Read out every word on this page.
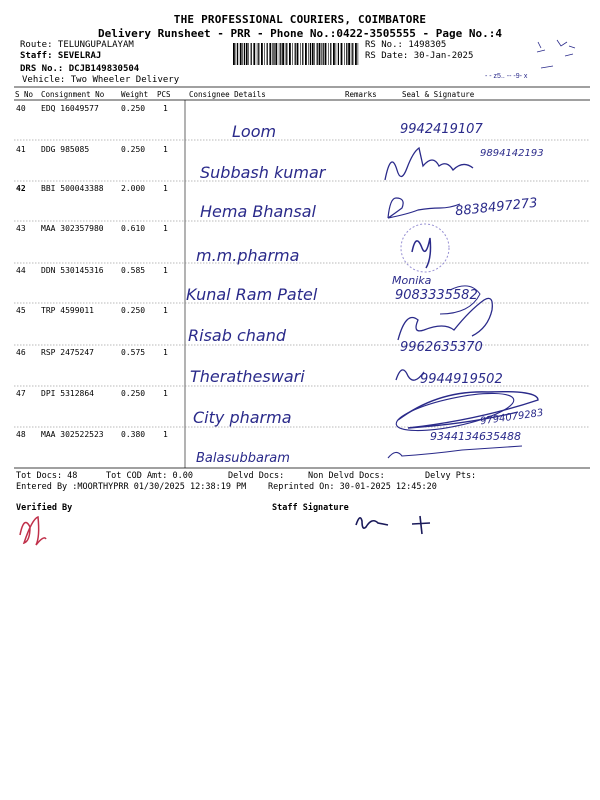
THE PROFESSIONAL COURIERS, COIMBATORE
Delivery Runsheet - PRR - Phone No.:0422-3505555 - Page No.:4
Route: TELUNGUPALAYAM
Staff: SEVELRAJ
DRS No.: DCJB149830504
Vehicle: Two Wheeler Delivery
RS No.: 1498305
RS Date: 30-Jan-2025
- - z5.. -- -9- x
S No Consignment No Weight PCS Consignee Details	Remarks	Seal & Signature
40 EDQ 16049577	0.250 1
Loom	9942419107
41 DDG 985085	0.250 1
Subbash kumar
9894142193
42 BBI 500043388 2.000 1
Hema Bhansal	8838497273
43 MAA 302357980 0.610 1
m.m.pharma
44 DDN 530145316 0.585 1
Kunal Ram Patel
Monika
9083335582
45 TRP 4599011	0.250 1
Risab chand
9962635370
46 RSP 2475247	0.575 1
Theratheswari	9944919502
47 DPI 5312864	0.250 1
City pharma	9794079283
48 MAA 302522523 0.380 1
Balasubbaram
9344134635488
Tot Docs: 48	Tot COD Amt: 0.00	Delvd Docs:	Non Delvd Docs:	Delvy Pts:
Entered By :MOORTHYPRR 01/30/2025 12:38:19 PM	Reprinted On: 30-01-2025 12:45:20
Verified By	Staff Signature
